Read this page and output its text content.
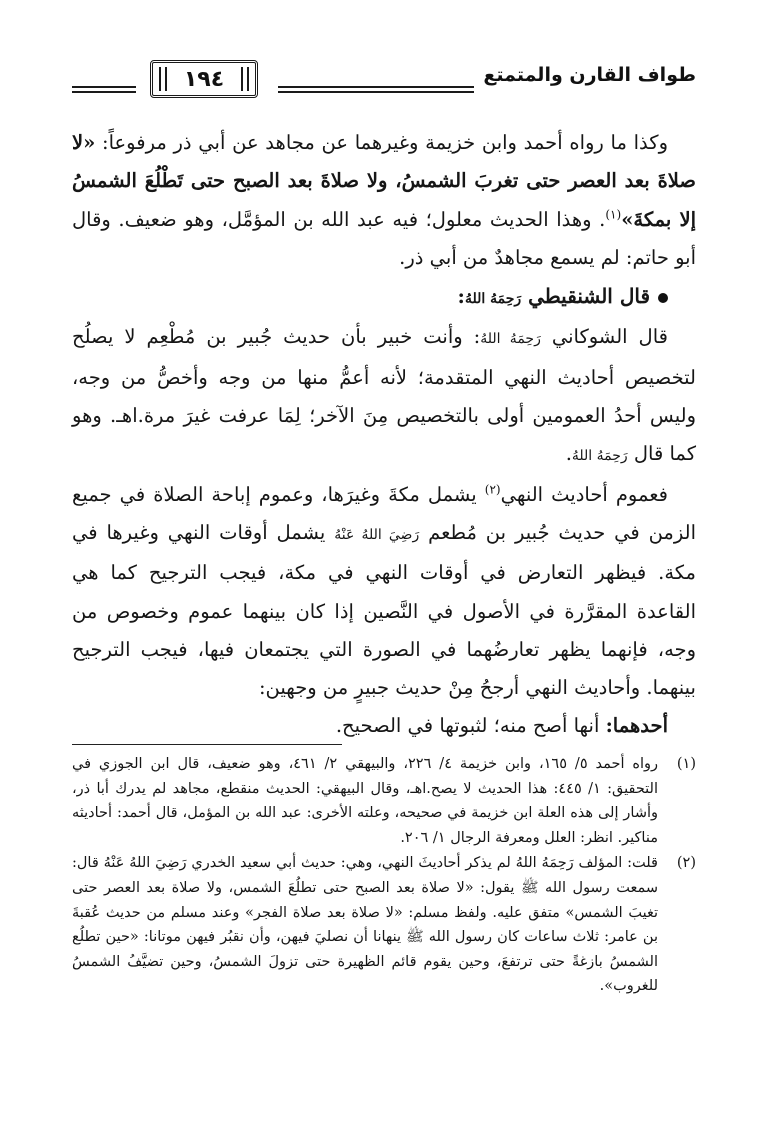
طواف القارن والمتمتع
١٩٤

وكذا ما رواه أحمد وابن خزيمة وغيرهما عن مجاهد عن أبي ذر مرفوعاً: «لا صلاةَ بعد العصر حتى تغربَ الشمسُ، ولا صلاةَ بعد الصبح حتى تَطْلُعَ الشمسُ إلا بمكةَ»$^{(١)}$. وهذا الحديث معلول؛ فيه عبد الله بن المؤمَّل، وهو ضعيف. وقال أبو حاتم: لم يسمع مجاهدٌ من أبي ذر.

قال الشنقيطي رَحِمَهُ اللهُ:

قال الشوكاني رَحِمَهُ اللهُ: وأنت خبير بأن حديث جُبير بن مُطْعِم لا يصلُح لتخصيص أحاديث النهي المتقدمة؛ لأنه أعمُّ منها من وجه وأخصُّ من وجه، وليس أحدُ العمومين أولى بالتخصيص مِنَ الآخر؛ لِمَا عرفت غيرَ مرة.اهـ. وهو كما قال رَحِمَهُ اللهُ.

فعموم أحاديث النهي$^{(٢)}$ يشمل مكةَ وغيرَها، وعموم إباحة الصلاة في جميع الزمن في حديث جُبير بن مُطعم رَضِيَ اللهُ عَنْهُ يشمل أوقات النهي وغيرها في مكة. فيظهر التعارض في أوقات النهي في مكة، فيجب الترجيح كما هي القاعدة المقرَّرة في الأصول في النَّصين إذا كان بينهما عموم وخصوص من وجه، فإنهما يظهر تعارضُهما في الصورة التي يجتمعان فيها، فيجب الترجيح بينهما. وأحاديث النهي أرجحُ مِنْ حديث جبيرٍ من وجهين:

أحدهما: أنها أصح منه؛ لثبوتها في الصحيح.

(١)
رواه أحمد ٥/ ١٦٥، وابن خزيمة ٤/ ٢٢٦، والبيهقي ٢/ ٤٦١، وهو ضعيف، قال ابن الجوزي في التحقيق: ١/ ٤٤٥: هذا الحديث لا يصح.اهـ، وقال البيهقي: الحديث منقطع، مجاهد لم يدرك أبا ذر، وأشار إلى هذه العلة ابن خزيمة في صحيحه، وعلته الأخرى: عبد الله بن المؤمل، قال أحمد: أحاديثه مناكير. انظر: العلل ومعرفة الرجال ١/ ٢٠٦.
(٢)
قلت: المؤلف رَحِمَهُ اللهُ لم يذكر أحاديثَ النهي، وهي: حديث أبي سعيد الخدري رَضِيَ اللهُ عَنْهُ قال: سمعت رسول الله ﷺ يقول: «لا صلاة بعد الصبح حتى تطلُعَ الشمس، ولا صلاة بعد العصر حتى تغيبَ الشمس» متفق عليه. ولفظ مسلم: «لا صلاة بعد صلاة الفجر» وعند مسلم من حديث عُقبةَ بن عامر: ثلاث ساعات كان رسول الله ﷺ ينهانا أن نصليَ فيهن، وأن نقبُر فيهن موتانا: «حين تطلُع الشمسُ بازغةً حتى ترتفعَ، وحين يقوم قائم الظهيرة حتى تزولَ الشمسُ، وحين تضيَّفُ الشمسُ للغروب».
